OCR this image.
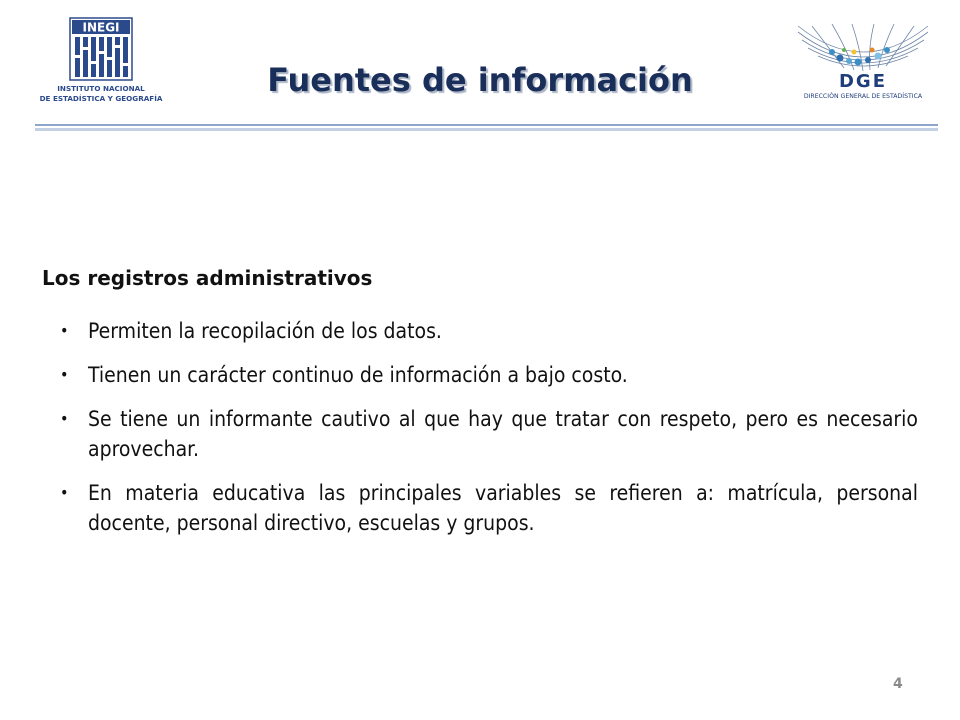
INEGI
INSTITUTO NACIONAL
DE ESTADÍSTICA Y GEOGRAFÍA	Fuentes de información	DGE
DIRECCIÓN GENERAL DE ESTADÍSTICA
Los registros administrativos
• Permiten la recopilación de los datos.
• Tienen un carácter continuo de información a bajo costo.
• Se tiene un informante cautivo al que hay que tratar con respeto, pero es necesario aprovechar.
• En materia educativa las principales variables se refieren a: matrícula, personal docente, personal directivo, escuelas y grupos.
4
